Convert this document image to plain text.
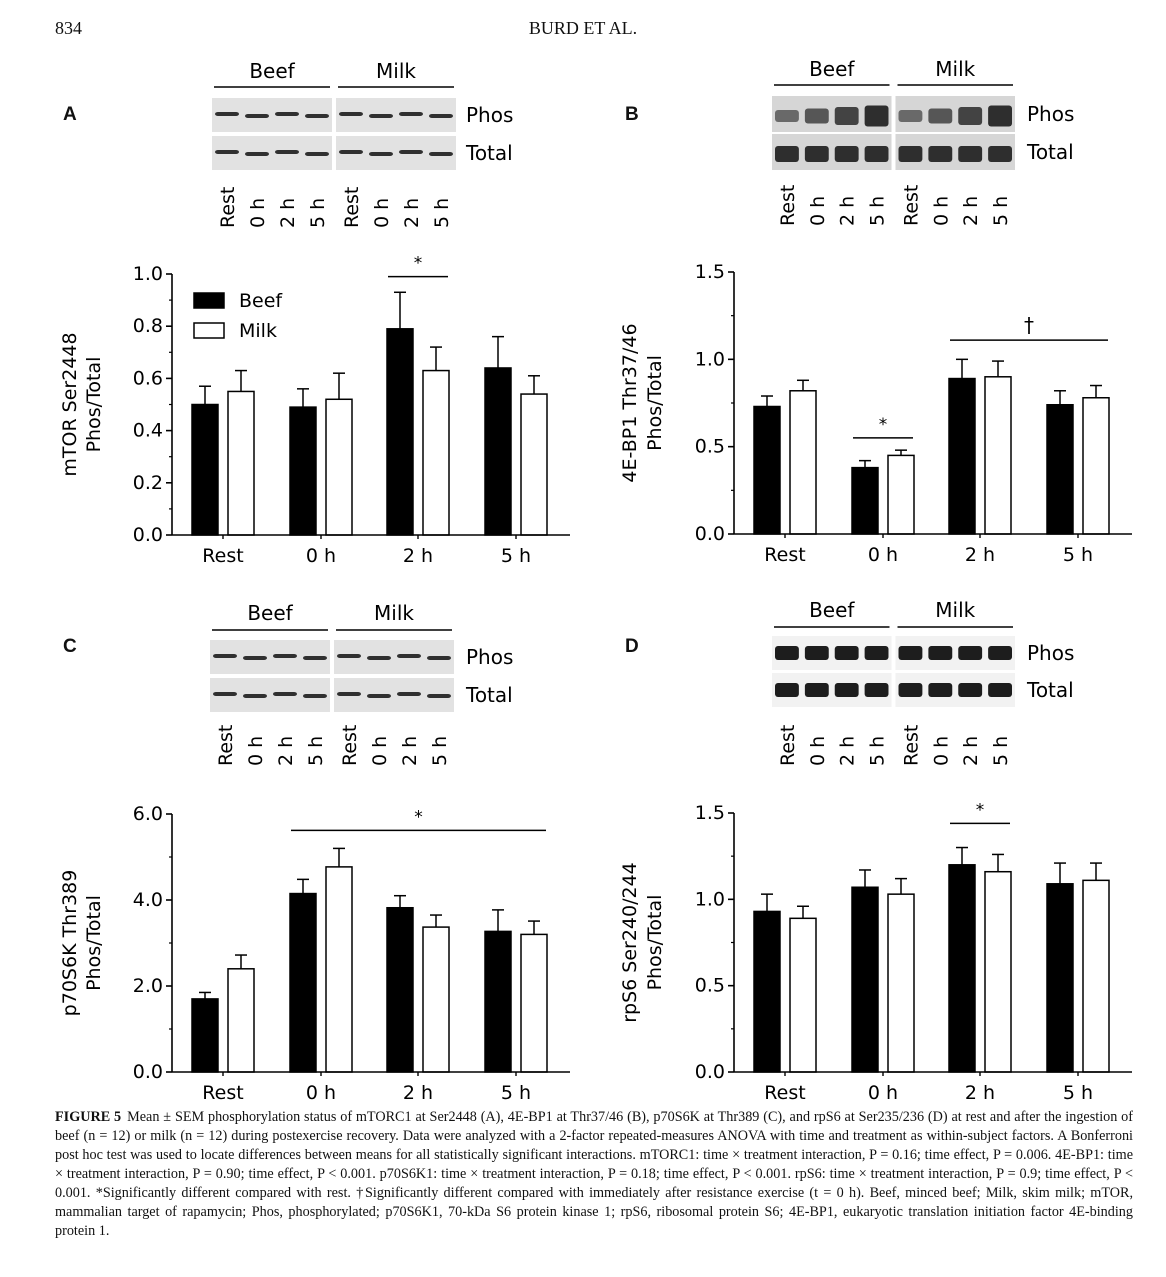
834	BURD ET AL.
A	B
C	D
Beef	Milk
Phos
Total
Rest 0 h 2 h 5 h Rest 0 h 2 h 5 h
Beef	Milk
Phos
Total
Rest 0 h 2 h 5 h Rest 0 h 2 h 5 h
Beef	Milk
Phos
Total
Rest 0 h 2 h 5 h Rest 0 h 2 h 5 h
Beef	Milk
Phos
Total
Rest 0 h 2 h 5 h Rest 0 h 2 h 5 h
Rest	0 h	2 h	5 h
0.0
0.2
0.4
0.6
0.8
1.0
mTOR Ser2448 Phos/Total
*
Beef
Milk
Rest	0 h	2 h	5 h
0.0
0.5
1.0
1.5
4E-BP1 Thr37/46 Phos/Total	*
†
Rest	0 h	2 h	5 h
0.0
2.0
4.0
6.0
p70S6K Thr389 Phos/Total
*
Rest	0 h	2 h	5 h
0.0
0.5
1.0
1.5
rpS6 Ser240/244 Phos/Total
*
FIGURE 5 Mean ± SEM phosphorylation status of mTORC1 at Ser2448 (A), 4E-BP1 at Thr37/46 (B), p70S6K at Thr389 (C), and rpS6 at Ser235/236 (D) at rest and after the ingestion of beef (n = 12) or milk (n = 12) during postexercise recovery. Data were analyzed with a 2-factor repeated-measures ANOVA with time and treatment as within-subject factors. A Bonferroni post hoc test was used to locate differences between means for all statistically significant interactions. mTORC1: time × treatment interaction, P = 0.16; time effect, P = 0.006. 4E-BP1: time × treatment interaction, P = 0.90; time effect, P < 0.001. p70S6K1: time × treatment interaction, P = 0.18; time effect, P < 0.001. rpS6: time × treatment interaction, P = 0.9; time effect, P < 0.001. *Significantly different compared with rest. †Significantly different compared with immediately after resistance exercise (t = 0 h). Beef, minced beef; Milk, skim milk; mTOR, mammalian target of rapamycin; Phos, phosphorylated; p70S6K1, 70-kDa S6 protein kinase 1; rpS6, ribosomal protein S6; 4E-BP1, eukaryotic translation initiation factor 4E-binding protein 1.
